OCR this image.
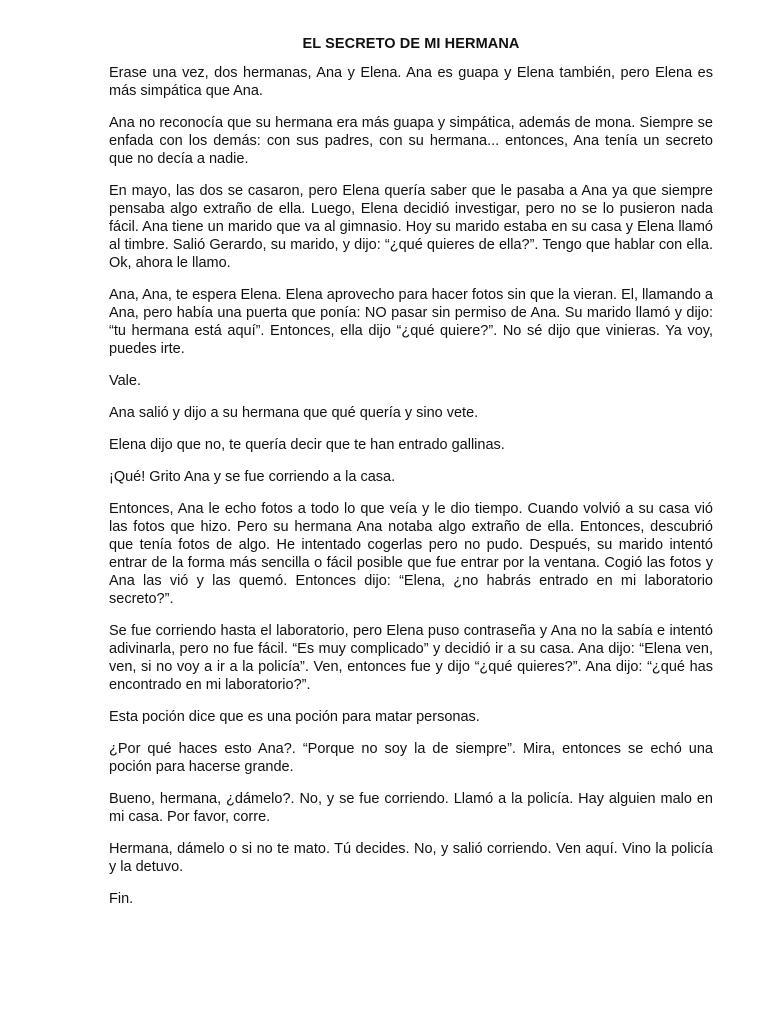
EL SECRETO DE MI HERMANA

Erase una vez, dos hermanas, Ana y Elena. Ana es guapa y Elena también, pero Elena es más simpática que Ana.

Ana no reconocía que su hermana era más guapa y simpática, además de mona. Siempre se enfada con los demás: con sus padres, con su hermana... entonces, Ana tenía un secreto que no decía a nadie.

En mayo, las dos se casaron, pero Elena quería saber que le pasaba a Ana ya que siempre pensaba algo extraño de ella. Luego, Elena decidió investigar, pero no se lo pusieron nada fácil. Ana tiene un marido que va al gimnasio. Hoy su marido estaba en su casa y Elena llamó al timbre. Salió Gerardo, su marido, y dijo: “¿qué quieres de ella?”. Tengo que hablar con ella. Ok, ahora le llamo.

Ana, Ana, te espera Elena. Elena aprovecho para hacer fotos sin que la vieran. El, llamando a Ana, pero había una puerta que ponía: NO pasar sin permiso de Ana. Su marido llamó y dijo: “tu hermana está aquí”. Entonces, ella dijo “¿qué quiere?”. No sé dijo que vinieras. Ya voy, puedes irte.

Vale.

Ana salió y dijo a su hermana que qué quería y sino vete.

Elena dijo que no, te quería decir que te han entrado gallinas.

¡Qué! Grito Ana y se fue corriendo a la casa.

Entonces, Ana le echo fotos a todo lo que veía y le dio tiempo. Cuando volvió a su casa vió las fotos que hizo. Pero su hermana Ana notaba algo extraño de ella. Entonces, descubrió que tenía fotos de algo. He intentado cogerlas pero no pudo. Después, su marido intentó entrar de la forma más sencilla o fácil posible que fue entrar por la ventana. Cogió las fotos y Ana las vió y las quemó. Entonces dijo: “Elena, ¿no habrás entrado en mi laboratorio secreto?”.

Se fue corriendo hasta el laboratorio, pero Elena puso contraseña y Ana no la sabía e intentó adivinarla, pero no fue fácil. “Es muy complicado” y decidió ir a su casa. Ana dijo: “Elena ven, ven, si no voy a ir a la policía”. Ven, entonces fue y dijo “¿qué quieres?”. Ana dijo: “¿qué has encontrado en mi laboratorio?”.

Esta poción dice que es una poción para matar personas.

¿Por qué haces esto Ana?. “Porque no soy la de siempre”. Mira, entonces se echó una poción para hacerse grande.

Bueno, hermana, ¿dámelo?. No, y se fue corriendo. Llamó a la policía. Hay alguien malo en mi casa. Por favor, corre.

Hermana, dámelo o si no te mato. Tú decides. No, y salió corriendo. Ven aquí. Vino la policía y la detuvo.

Fin.
